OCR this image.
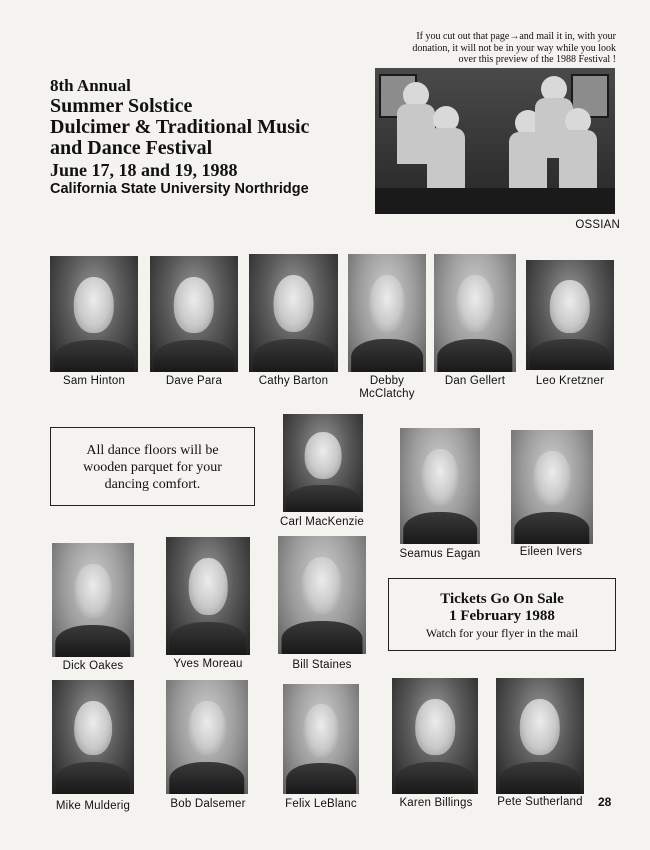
8th Annual
Summer Solstice
Dulcimer & Traditional Music
and Dance Festival
June 17, 18 and 19, 1988
California State University Northridge
If you cut out that page→and mail it in, with your
donation, it will not be in your way while you look
over this preview of the 1988 Festival !
OSSIAN
Sam Hinton	Dave Para	Cathy Barton	Debby
McClatchy
Dan Gellert	Leo Kretzner
All dance floors will be
wooden parquet for your
dancing comfort.
Carl MacKenzie
Seamus Eagan	Eileen Ivers
Dick Oakes	Yves Moreau	Bill Staines
Tickets Go On Sale
1 February 1988
Watch for your flyer in the mail
Mike Mulderig	Bob Dalsemer	Felix LeBlanc	Karen Billings	Pete Sutherland	28
